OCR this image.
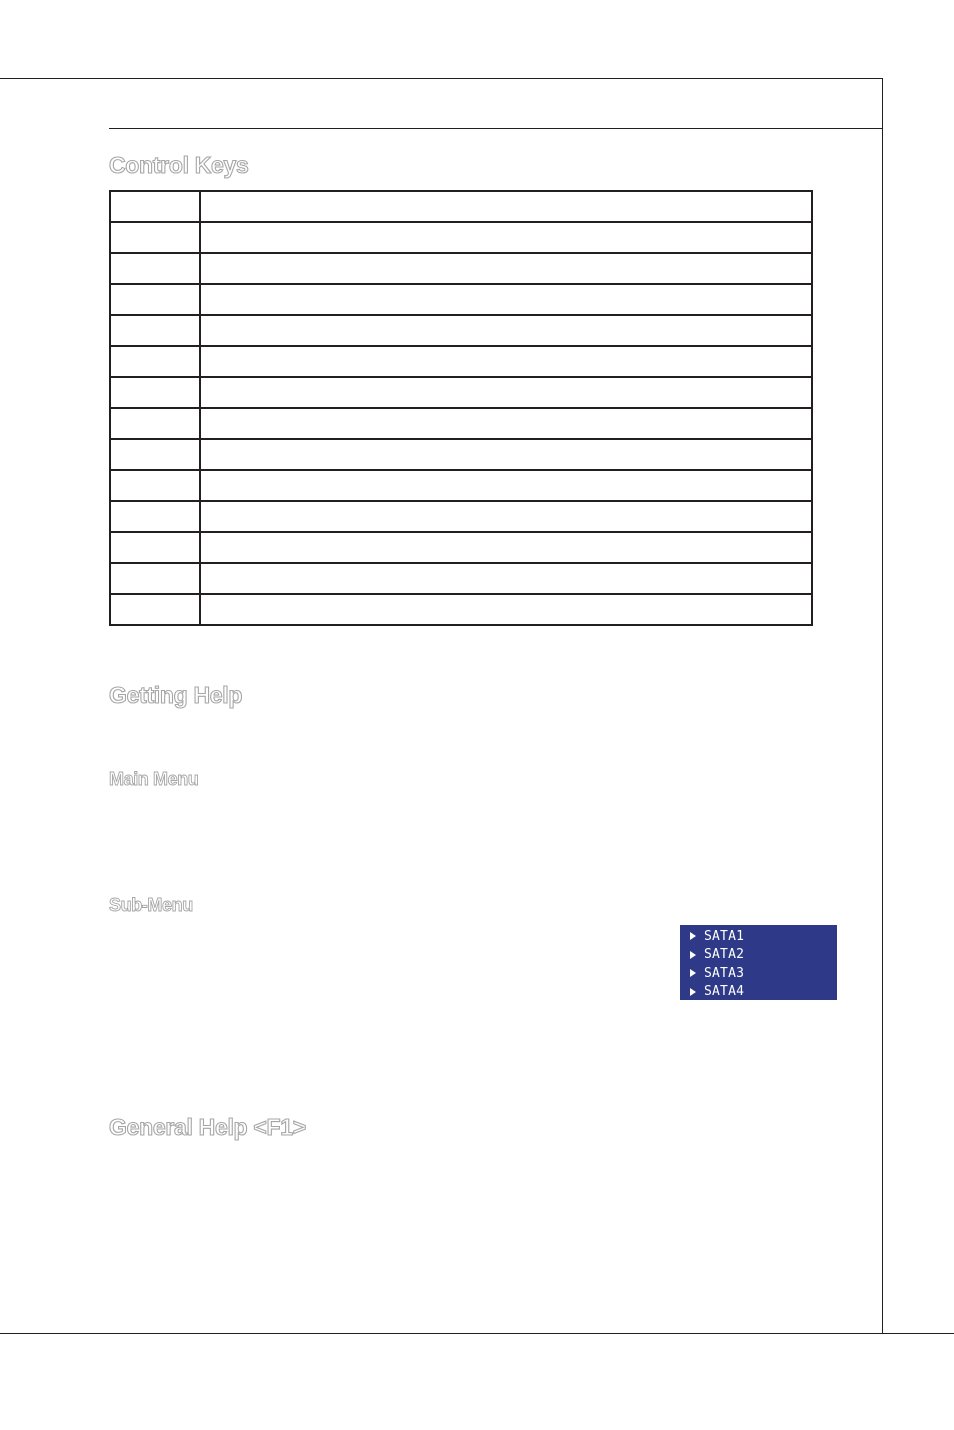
Control Keys

Getting Help
Main Menu
Sub-Menu
SATA1
SATA2
SATA3
SATA4
General Help <F1>
